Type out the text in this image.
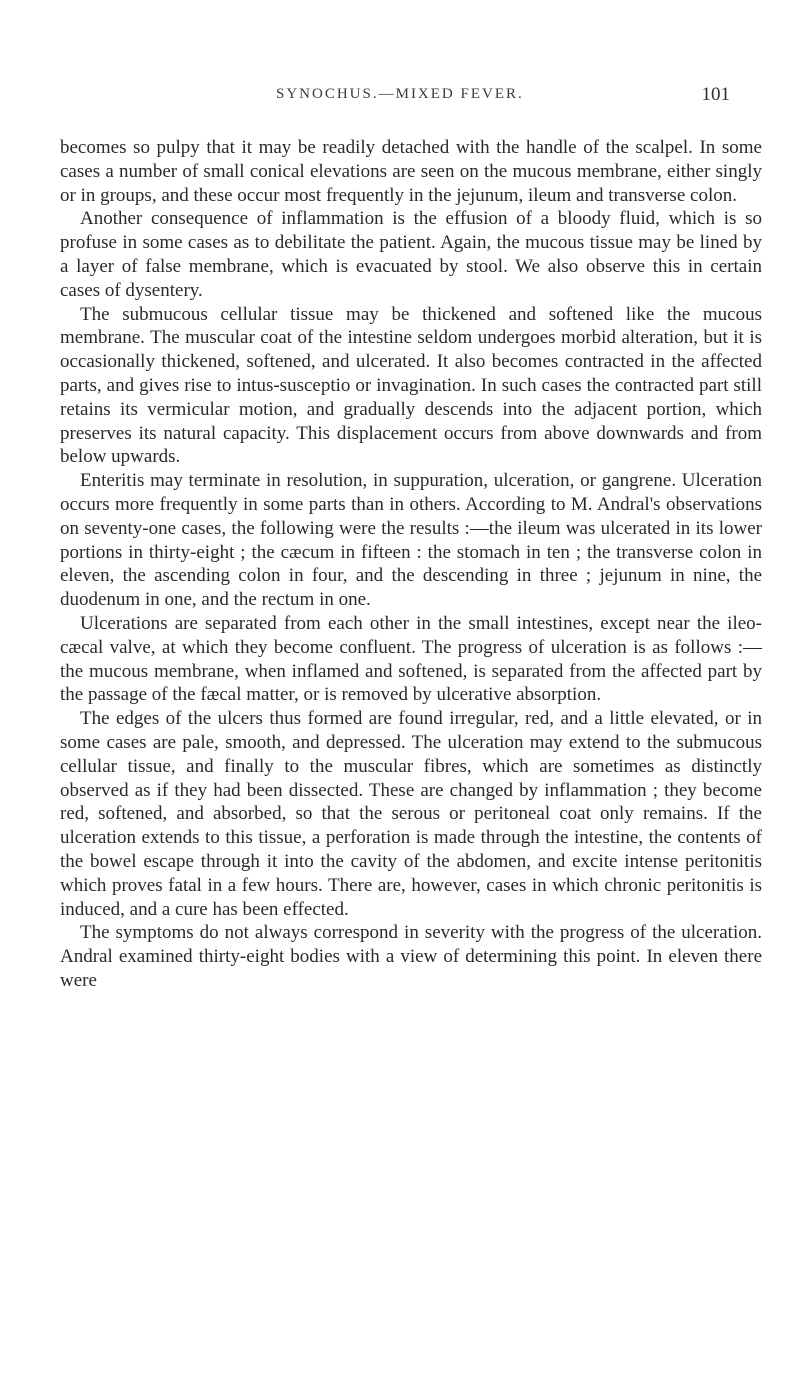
SYNOCHUS.—MIXED FEVER.	101

becomes so pulpy that it may be readily detached with the handle of the scalpel. In some cases a number of small conical elevations are seen on the mucous membrane, either singly or in groups, and these occur most frequently in the jejunum, ileum and transverse colon.

Another consequence of inflammation is the effusion of a bloody fluid, which is so profuse in some cases as to debilitate the patient. Again, the mucous tissue may be lined by a layer of false membrane, which is evacuated by stool. We also observe this in certain cases of dysentery.

The submucous cellular tissue may be thickened and softened like the mucous membrane. The muscular coat of the intestine seldom undergoes morbid alteration, but it is occasionally thickened, softened, and ulcerated. It also becomes contracted in the affected parts, and gives rise to intus-susceptio or invagination. In such cases the contracted part still retains its vermicular motion, and gradually descends into the adjacent portion, which preserves its natural capacity. This displacement occurs from above downwards and from below upwards.

Enteritis may terminate in resolution, in suppuration, ulceration, or gangrene. Ulceration occurs more frequently in some parts than in others. According to M. Andral's observations on seventy-one cases, the following were the results :—the ileum was ulcerated in its lower portions in thirty-eight ; the cæcum in fifteen : the stomach in ten ; the transverse colon in eleven, the ascending colon in four, and the descending in three ; jejunum in nine, the duodenum in one, and the rectum in one.

Ulcerations are separated from each other in the small intestines, except near the ileo-cæcal valve, at which they become confluent. The progress of ulceration is as follows :—the mucous membrane, when inflamed and softened, is separated from the affected part by the passage of the fæcal matter, or is removed by ulcerative absorption.

The edges of the ulcers thus formed are found irregular, red, and a little elevated, or in some cases are pale, smooth, and depressed. The ulceration may extend to the submucous cellular tissue, and finally to the muscular fibres, which are sometimes as distinctly observed as if they had been dissected. These are changed by inflammation ; they become red, softened, and absorbed, so that the serous or peritoneal coat only remains. If the ulceration extends to this tissue, a perforation is made through the intestine, the contents of the bowel escape through it into the cavity of the abdomen, and excite intense peritonitis which proves fatal in a few hours. There are, however, cases in which chronic peritonitis is induced, and a cure has been effected.

The symptoms do not always correspond in severity with the progress of the ulceration. Andral examined thirty-eight bodies with a view of determining this point. In eleven there were
